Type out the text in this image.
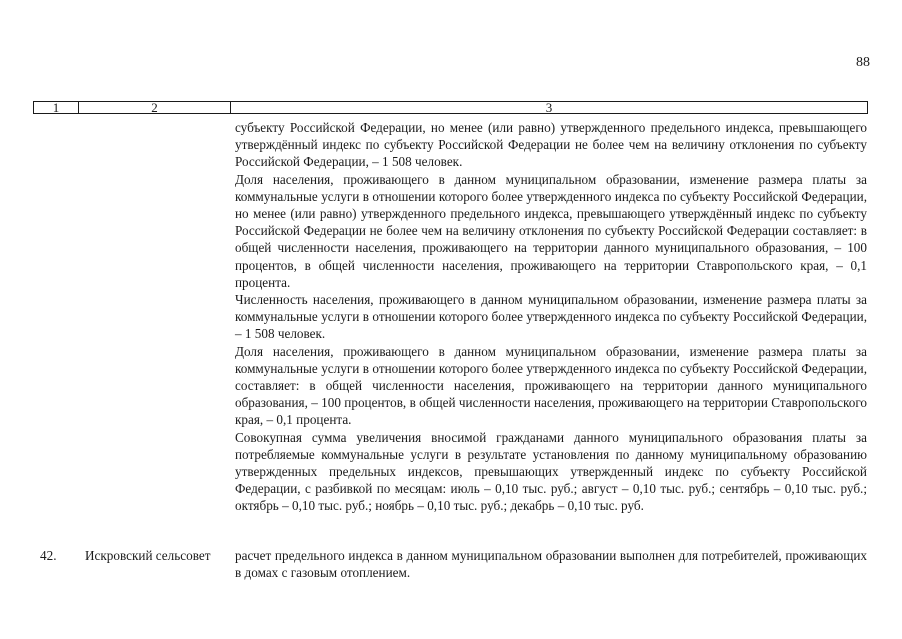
88
1	2	3

субъекту Российской Федерации, но менее (или равно) утвержденного предельного индекса, превышающего утверждённый индекс по субъекту Российской Федерации не более чем на величину отклонения по субъекту Российской Федерации, – 1 508 человек.

Доля населения, проживающего в данном муниципальном образовании, изменение размера платы за коммунальные услуги в отношении которого более утвержденного индекса по субъекту Российской Федерации, но менее (или равно) утвержденного предельного индекса, превышающего утверждённый индекс по субъекту Российской Федерации не более чем на величину отклонения по субъекту Российской Федерации составляет: в общей численности населения, проживающего на территории данного муниципального образования, – 100 процентов, в общей численности населения, проживающего на территории Ставропольского края, – 0,1 процента.

Численность населения, проживающего в данном муниципальном образовании, изменение размера платы за коммунальные услуги в отношении которого более утвержденного индекса по субъекту Российской Федерации, – 1 508 человек.

Доля населения, проживающего в данном муниципальном образовании, изменение размера платы за коммунальные услуги в отношении которого более утвержденного индекса по субъекту Российской Федерации, составляет: в общей численности населения, проживающего на территории данного муниципального образования, – 100 процентов, в общей численности населения, проживающего на территории Ставропольского края, – 0,1 процента.

Совокупная сумма увеличения вносимой гражданами данного муниципального образования платы за потребляемые коммунальные услуги в результате установления по данному муниципальному образованию утвержденных предельных индексов, превышающих утвержденный индекс по субъекту Российской Федерации, с разбивкой по месяцам: июль – 0,10 тыс. руб.; август – 0,10 тыс. руб.; сентябрь – 0,10 тыс. руб.; октябрь – 0,10 тыс. руб.; ноябрь – 0,10 тыс. руб.; декабрь – 0,10 тыс. руб.

42. Искровский сельсовет	расчет предельного индекса в данном муниципальном образовании выполнен для потребителей, проживающих в домах с газовым отоплением.
